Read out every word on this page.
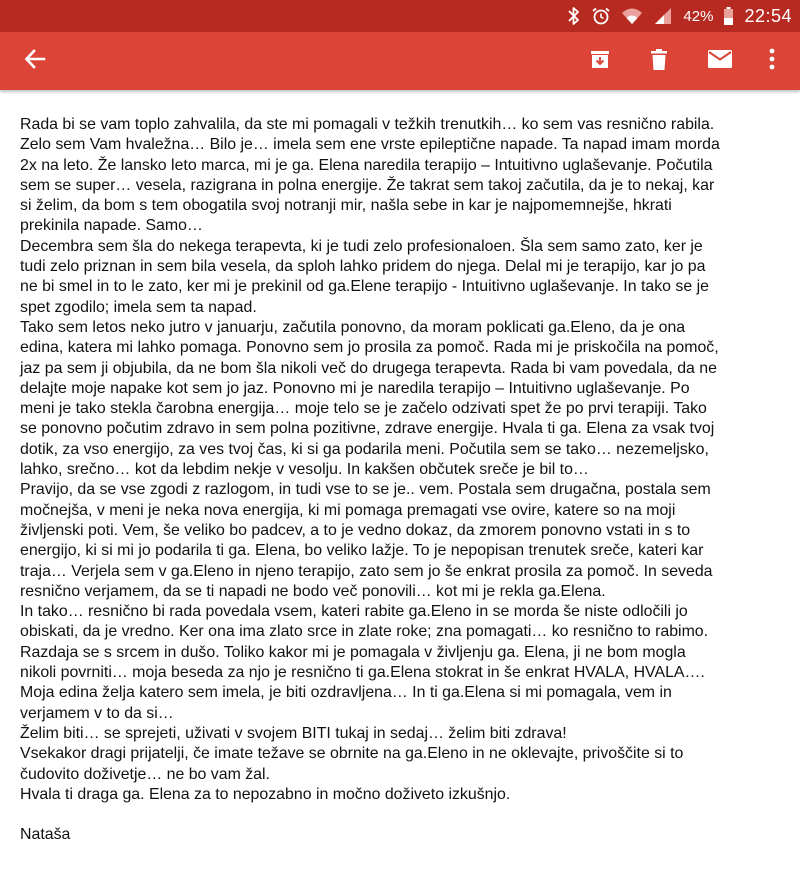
42% 22:54

Rada bi se vam toplo zahvalila, da ste mi pomagali v težkih trenutkih… ko sem vas resnično rabila.

Zelo sem Vam hvaležna… Bilo je… imela sem ene vrste epileptične napade. Ta napad imam morda

2x na leto. Že lansko leto marca, mi je ga. Elena naredila terapijo – Intuitivno uglaševanje. Počutila

sem se super… vesela, razigrana in polna energije. Že takrat sem takoj začutila, da je to nekaj, kar

si želim, da bom s tem obogatila svoj notranji mir, našla sebe in kar je najpomemnejše, hkrati

prekinila napade. Samo…

Decembra sem šla do nekega terapevta, ki je tudi zelo profesionaloen. Šla sem samo zato, ker je

tudi zelo priznan in sem bila vesela, da sploh lahko pridem do njega. Delal mi je terapijo, kar jo pa

ne bi smel in to le zato, ker mi je prekinil od ga.Elene terapijo - Intuitivno uglaševanje. In tako se je

spet zgodilo; imela sem ta napad.

Tako sem letos neko jutro v januarju, začutila ponovno, da moram poklicati ga.Eleno, da je ona

edina, katera mi lahko pomaga. Ponovno sem jo prosila za pomoč. Rada mi je priskočila na pomoč,

jaz pa sem ji objubila, da ne bom šla nikoli več do drugega terapevta. Rada bi vam povedala, da ne

delajte moje napake kot sem jo jaz. Ponovno mi je naredila terapijo – Intuitivno uglaševanje. Po

meni je tako stekla čarobna energija… moje telo se je začelo odzivati spet že po prvi terapiji. Tako

se ponovno počutim zdravo in sem polna pozitivne, zdrave energije. Hvala ti ga. Elena za vsak tvoj

dotik, za vso energijo, za ves tvoj čas, ki si ga podarila meni. Počutila sem se tako… nezemeljsko,

lahko, srečno… kot da lebdim nekje v vesolju. In kakšen občutek sreče je bil to…

Pravijo, da se vse zgodi z razlogom, in tudi vse to se je.. vem. Postala sem drugačna, postala sem

močnejša, v meni je neka nova energija, ki mi pomaga premagati vse ovire, katere so na moji

življenski poti. Vem, še veliko bo padcev, a to je vedno dokaz, da zmorem ponovno vstati in s to

energijo, ki si mi jo podarila ti ga. Elena, bo veliko lažje. To je nepopisan trenutek sreče, kateri kar

traja… Verjela sem v ga.Eleno in njeno terapijo, zato sem jo še enkrat prosila za pomoč. In seveda

resnično verjamem, da se ti napadi ne bodo več ponovili… kot mi je rekla ga.Elena.

In tako… resnično bi rada povedala vsem, kateri rabite ga.Eleno in se morda še niste odločili jo

obiskati, da je vredno. Ker ona ima zlato srce in zlate roke; zna pomagati… ko resnično to rabimo.

Razdaja se s srcem in dušo. Toliko kakor mi je pomagala v življenju ga. Elena, ji ne bom mogla

nikoli povrniti… moja beseda za njo je resnično ti ga.Elena stokrat in še enkrat HVALA, HVALA….

Moja edina želja katero sem imela, je biti ozdravljena… In ti ga.Elena si mi pomagala, vem in

verjamem v to da si…

Želim biti… se sprejeti, uživati v svojem BITI tukaj in sedaj… želim biti zdrava!

Vsekakor dragi prijatelji, če imate težave se obrnite na ga.Eleno in ne oklevajte, privoščite si to

čudovito doživetje… ne bo vam žal.

Hvala ti draga ga. Elena za to nepozabno in močno doživeto izkušnjo.

Nataša
